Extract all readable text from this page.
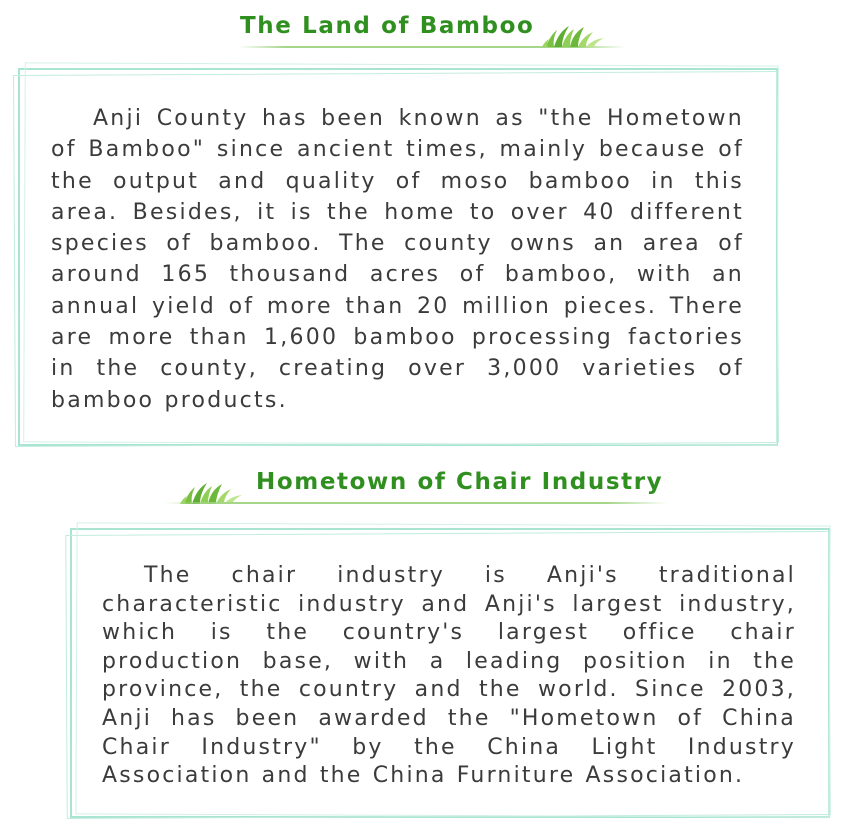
The Land of Bamboo

Anji County has been known as "the Hometown of Bamboo" since ancient times, mainly because of the output and quality of moso bamboo in this area. Besides, it is the home to over 40 different species of bamboo. The county owns an area of around 165 thousand acres of bamboo, with an annual yield of more than 20 million pieces. There are more than 1,600 bamboo processing factories in the county, creating over 3,000 varieties of bamboo products.

Hometown of Chair Industry

The chair industry is Anji's traditional characteristic industry and Anji's largest industry, which is the country's largest office chair production base, with a leading position in the province, the country and the world. Since 2003, Anji has been awarded the "Hometown of China Chair Industry" by the China Light Industry Association and the China Furniture Association.
